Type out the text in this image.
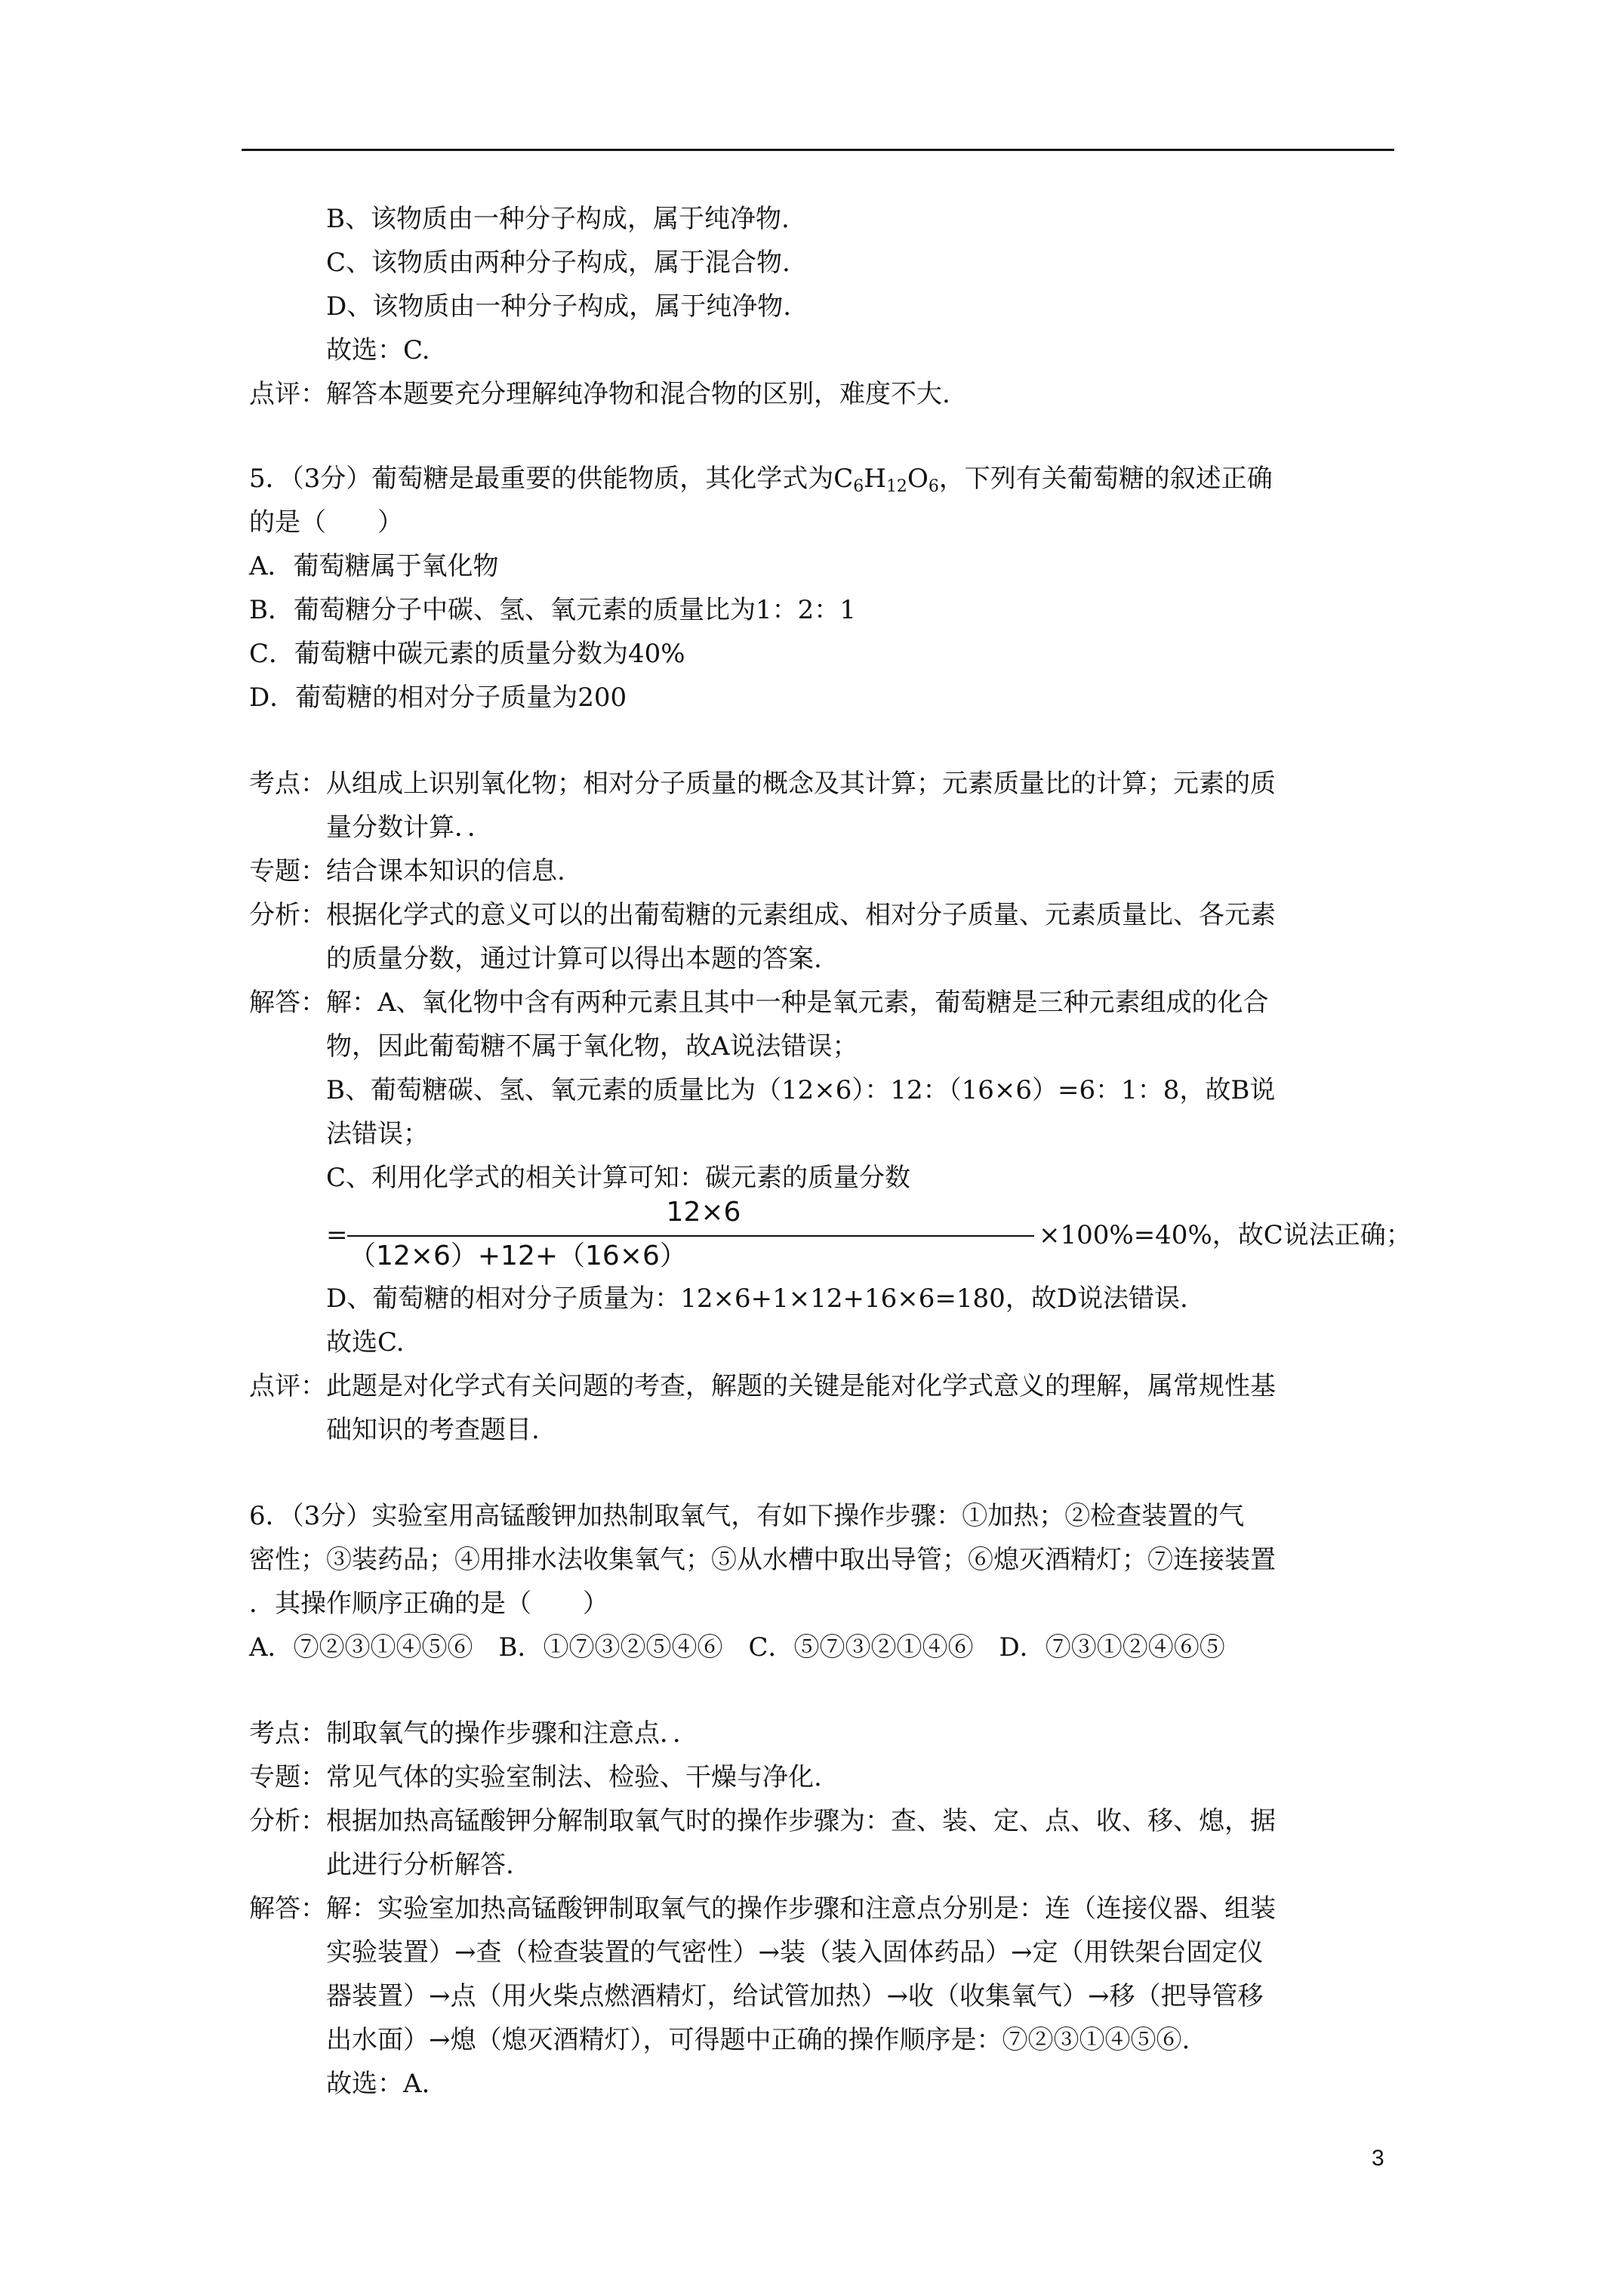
B、该物质由一种分子构成，属于纯净物.
C、该物质由两种分子构成，属于混合物.
D、该物质由一种分子构成，属于纯净物.
故选：C.
点评：解答本题要充分理解纯净物和混合物的区别，难度不大.
5．（3分）葡萄糖是最重要的供能物质，其化学式为$C_6H_{12}O_6$，下列有关葡萄糖的叙述正确
的是（　　）
A．葡萄糖属于氧化物
B．葡萄糖分子中碳、氢、氧元素的质量比为1：2：1
C．葡萄糖中碳元素的质量分数为40%
D．葡萄糖的相对分子质量为200
考点：从组成上识别氧化物；相对分子质量的概念及其计算；元素质量比的计算；元素的质
量分数计算．．
专题：结合课本知识的信息.
分析：根据化学式的意义可以的出葡萄糖的元素组成、相对分子质量、元素质量比、各元素
的质量分数，通过计算可以得出本题的答案.
解答：解：A、氧化物中含有两种元素且其中一种是氧元素，葡萄糖是三种元素组成的化合
物，因此葡萄糖不属于氧化物，故A说法错误；
B、葡萄糖碳、氢、氧元素的质量比为（12×6）：12：（16×6）=6：1：8，故B说
法错误；
C、利用化学式的相关计算可知：碳元素的质量分数
=
12×6
（12×6）+12+（16×6）
×100%=40%，故C说法正确；
D、葡萄糖的相对分子质量为：12×6+1×12+16×6=180，故D说法错误.
故选C.
点评：此题是对化学式有关问题的考查，解题的关键是能对化学式意义的理解，属常规性基
础知识的考查题目.
6．（3分）实验室用高锰酸钾加热制取氧气，有如下操作步骤：①加热；②检查装置的气
密性；③装药品；④用排水法收集氧气；⑤从水槽中取出导管；⑥熄灭酒精灯；⑦连接装置
．其操作顺序正确的是（　　）
A．⑦②③①④⑤⑥　B．①⑦③②⑤④⑥　C．⑤⑦③②①④⑥　D．⑦③①②④⑥⑤
考点：制取氧气的操作步骤和注意点．．
专题：常见气体的实验室制法、检验、干燥与净化.
分析：根据加热高锰酸钾分解制取氧气时的操作步骤为：查、装、定、点、收、移、熄，据
此进行分析解答.
解答：解：实验室加热高锰酸钾制取氧气的操作步骤和注意点分别是：连（连接仪器、组装
实验装置）→查（检查装置的气密性）→装（装入固体药品）→定（用铁架台固定仪
器装置）→点（用火柴点燃酒精灯，给试管加热）→收（收集氧气）→移（把导管移
出水面）→熄（熄灭酒精灯），可得题中正确的操作顺序是：⑦②③①④⑤⑥.
故选：A.
3
